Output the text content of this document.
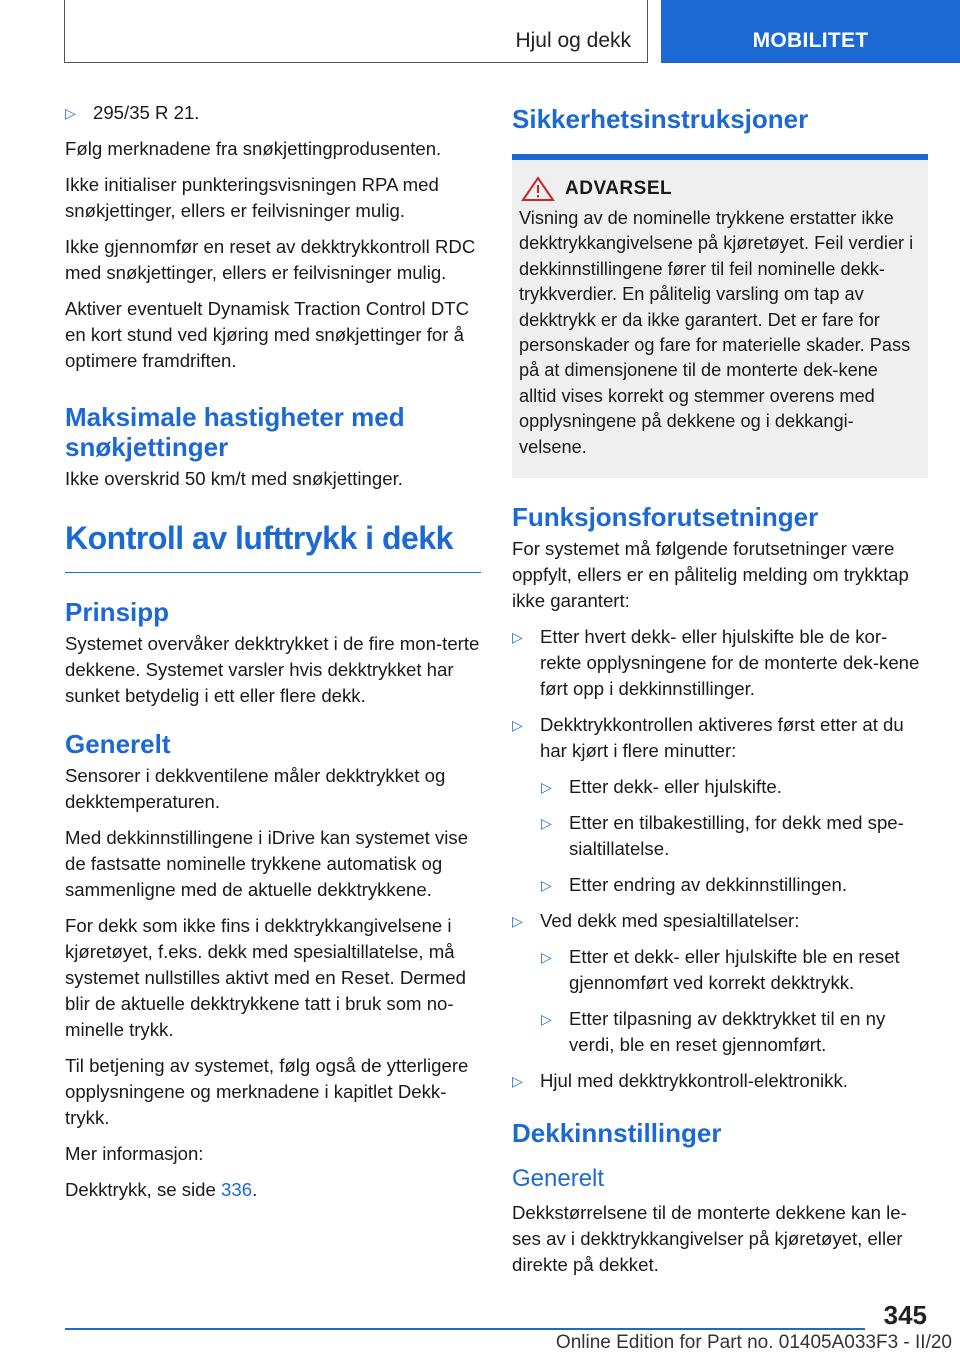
Hjul og dekk	MOBILITET
▷ 295/35 R 21.

Følg merknadene fra snøkjettingprodusenten.

Ikke initialiser punkteringsvisningen RPA med snøkjettinger, ellers er feilvisninger mulig.

Ikke gjennomfør en reset av dekktrykkontroll RDC med snøkjettinger, ellers er feilvisninger mulig.

Aktiver eventuelt Dynamisk Traction Control DTC en kort stund ved kjøring med snøkjettinger for å optimere framdriften.

Maksimale hastigheter med snøkjettinger

Ikke overskrid 50 km/t med snøkjettinger.

Kontroll av lufttrykk i dekk
Prinsipp

Systemet overvåker dekktrykket i de fire mon-terte dekkene. Systemet varsler hvis dekktrykket har sunket betydelig i ett eller flere dekk.

Generelt

Sensorer i dekkventilene måler dekktrykket og dekktemperaturen.

Med dekkinnstillingene i iDrive kan systemet vise de fastsatte nominelle trykkene automatisk og sammenligne med de aktuelle dekktrykkene.

For dekk som ikke fins i dekktrykkangivelsene i kjøretøyet, f.eks. dekk med spesialtillatelse, må systemet nullstilles aktivt med en Reset. Dermed blir de aktuelle dekktrykkene tatt i bruk som no-minelle trykk.

Til betjening av systemet, følg også de ytterligere opplysningene og merknadene i kapitlet Dekk-trykk.

Mer informasjon:

Dekktrykk, se side 336.

Sikkerhetsinstruksjoner
ADVARSEL

Visning av de nominelle trykkene erstatter ikke dekktrykkangivelsene på kjøretøyet. Feil verdier i dekkinnstillingene fører til feil nominelle dekk-trykkverdier. En pålitelig varsling om tap av dekktrykk er da ikke garantert. Det er fare for personskader og fare for materielle skader. Pass på at dimensjonene til de monterte dek-kene alltid vises korrekt og stemmer overens med opplysningene på dekkene og i dekkangi-velsene.

Funksjonsforutsetninger

For systemet må følgende forutsetninger være oppfylt, ellers er en pålitelig melding om trykktap ikke garantert:

▷ Etter hvert dekk- eller hjulskifte ble de kor-rekte opplysningene for de monterte dek-kene ført opp i dekkinnstillinger.
▷ Dekktrykkontrollen aktiveres først etter at du har kjørt i flere minutter:
▷ Etter dekk- eller hjulskifte.
▷ Etter en tilbakestilling, for dekk med spe-sialtillatelse.
▷ Etter endring av dekkinnstillingen.
▷ Ved dekk med spesialtillatelser:
▷ Etter et dekk- eller hjulskifte ble en reset gjennomført ved korrekt dekktrykk.
▷ Etter tilpasning av dekktrykket til en ny verdi, ble en reset gjennomført.
▷ Hjul med dekktrykkontroll-elektronikk.
Dekkinnstillinger
Generelt

Dekkstørrelsene til de monterte dekkene kan le-ses av i dekktrykkangivelser på kjøretøyet, eller direkte på dekket.

345
Online Edition for Part no. 01405A033F3 - II/20
